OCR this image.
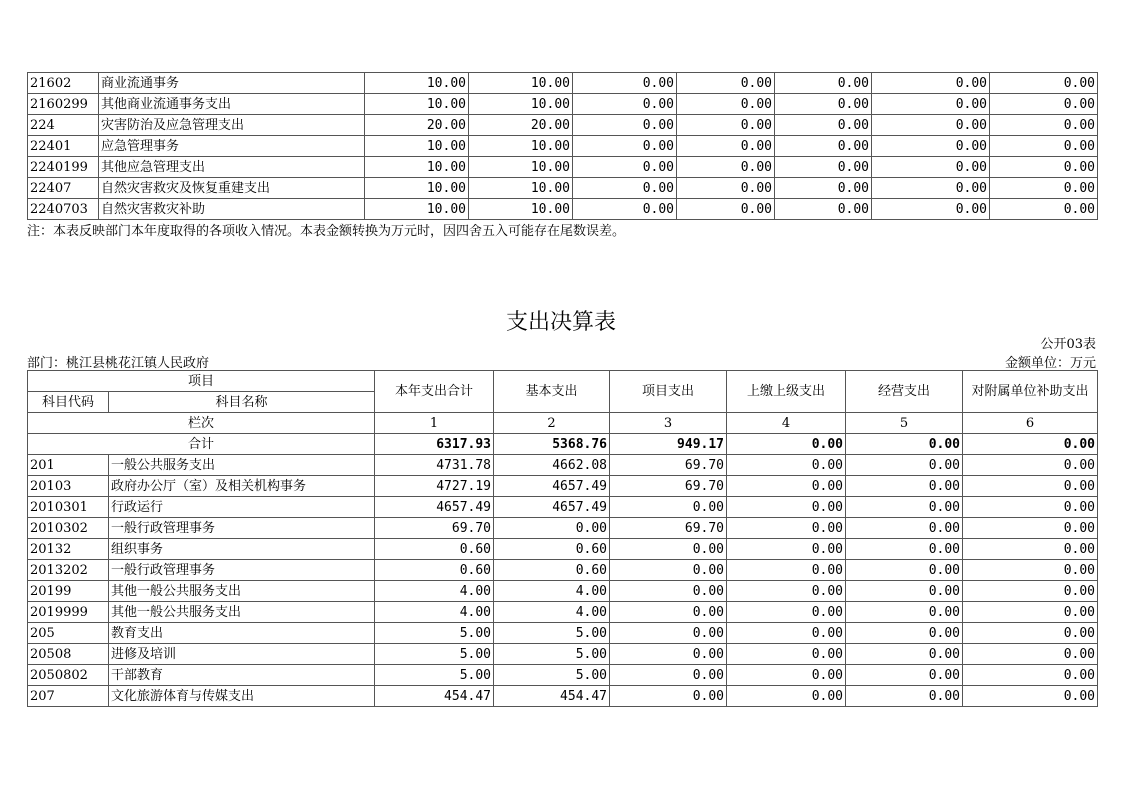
21602	商业流通事务	10.00	10.00	0.00	0.00	0.00	0.00	0.00
2160299	其他商业流通事务支出	10.00	10.00	0.00	0.00	0.00	0.00	0.00
224	灾害防治及应急管理支出	20.00	20.00	0.00	0.00	0.00	0.00	0.00
22401	应急管理事务	10.00	10.00	0.00	0.00	0.00	0.00	0.00
2240199	其他应急管理支出	10.00	10.00	0.00	0.00	0.00	0.00	0.00
22407	自然灾害救灾及恢复重建支出	10.00	10.00	0.00	0.00	0.00	0.00	0.00
2240703	自然灾害救灾补助	10.00	10.00	0.00	0.00	0.00	0.00	0.00
注：本表反映部门本年度取得的各项收入情况。本表金额转换为万元时，因四舍五入可能存在尾数误差。
支出决算表
公开03表
部门：桃江县桃花江镇人民政府	金额单位：万元
项目		本年支出合计	基本支出	项目支出	上缴上级支出	经营支出	对附属单位补助支出
科目代码	科目名称						
栏次		1	2	3	4	5	6
合计		6317.93	5368.76	949.17	0.00	0.00	0.00
201	一般公共服务支出	4731.78	4662.08	69.70	0.00	0.00	0.00
20103	政府办公厅（室）及相关机构事务	4727.19	4657.49	69.70	0.00	0.00	0.00
2010301	行政运行	4657.49	4657.49	0.00	0.00	0.00	0.00
2010302	一般行政管理事务	69.70	0.00	69.70	0.00	0.00	0.00
20132	组织事务	0.60	0.60	0.00	0.00	0.00	0.00
2013202	一般行政管理事务	0.60	0.60	0.00	0.00	0.00	0.00
20199	其他一般公共服务支出	4.00	4.00	0.00	0.00	0.00	0.00
2019999	其他一般公共服务支出	4.00	4.00	0.00	0.00	0.00	0.00
205	教育支出	5.00	5.00	0.00	0.00	0.00	0.00
20508	进修及培训	5.00	5.00	0.00	0.00	0.00	0.00
2050802	干部教育	5.00	5.00	0.00	0.00	0.00	0.00
207	文化旅游体育与传媒支出	454.47	454.47	0.00	0.00	0.00	0.00
